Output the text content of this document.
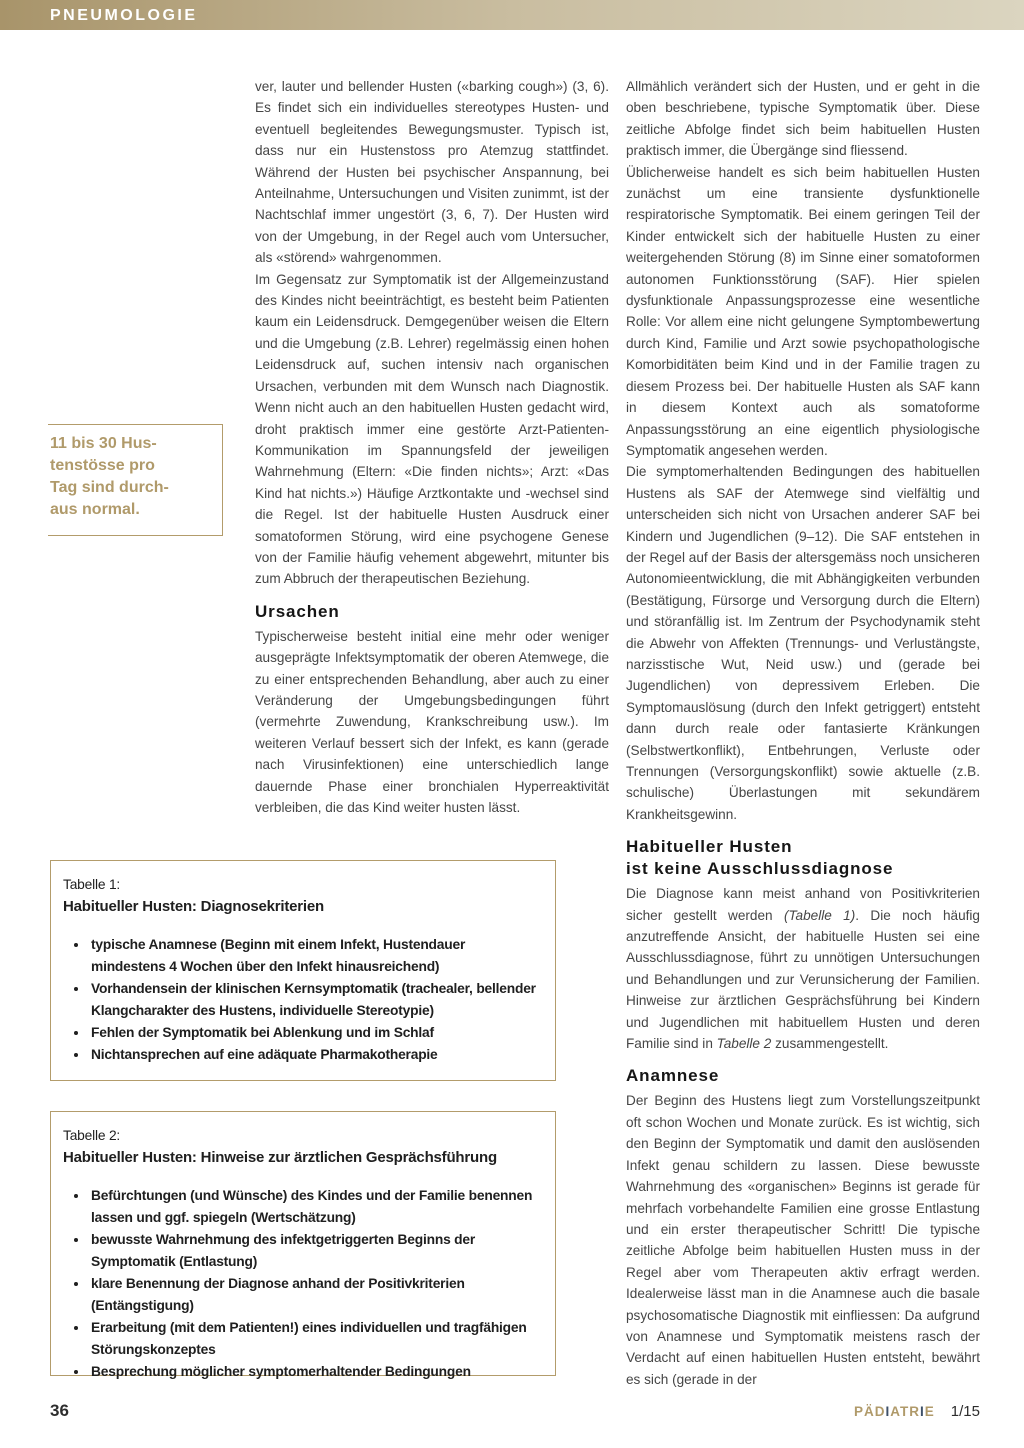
PNEUMOLOGIE
11 bis 30 Hus-
tenstösse pro
Tag sind durch-
aus normal.

ver, lauter und bellender Husten («barking cough») (3, 6). Es findet sich ein individuelles stereotypes Husten- und eventuell begleitendes Bewegungsmuster. Typisch ist, dass nur ein Hustenstoss pro Atemzug stattfindet. Während der Husten bei psychischer Anspannung, bei Anteilnahme, Untersuchungen und Visiten zunimmt, ist der Nachtschlaf immer ungestört (3, 6, 7). Der Husten wird von der Umgebung, in der Regel auch vom Untersucher, als «störend» wahrgenommen.

Im Gegensatz zur Symptomatik ist der Allgemeinzustand des Kindes nicht beeinträchtigt, es besteht beim Patienten kaum ein Leidensdruck. Demgegenüber weisen die Eltern und die Umgebung (z.B. Lehrer) regelmässig einen hohen Leidensdruck auf, suchen intensiv nach organischen Ursachen, verbunden mit dem Wunsch nach Diagnostik. Wenn nicht auch an den habituellen Husten gedacht wird, droht praktisch immer eine gestörte Arzt-Patienten-Kommunikation im Spannungsfeld der jeweiligen Wahrnehmung (Eltern: «Die finden nichts»; Arzt: «Das Kind hat nichts.») Häufige Arztkontakte und -wechsel sind die Regel. Ist der habituelle Husten Ausdruck einer somatoformen Störung, wird eine psychogene Genese von der Familie häufig vehement abgewehrt, mitunter bis zum Abbruch der therapeutischen Beziehung.

Ursachen

Typischerweise besteht initial eine mehr oder weniger ausgeprägte Infektsymptomatik der oberen Atemwege, die zu einer entsprechenden Behandlung, aber auch zu einer Veränderung der Umgebungsbedingungen führt (vermehrte Zuwendung, Krankschreibung usw.). Im weiteren Verlauf bessert sich der Infekt, es kann (gerade nach Virusinfektionen) eine unterschiedlich lange dauernde Phase einer bronchialen Hyperreaktivität verbleiben, die das Kind weiter husten lässt.

Allmählich verändert sich der Husten, und er geht in die oben beschriebene, typische Symptomatik über. Diese zeitliche Abfolge findet sich beim habituellen Husten praktisch immer, die Übergänge sind fliessend.

Üblicherweise handelt es sich beim habituellen Husten zunächst um eine transiente dysfunktionelle respiratorische Symptomatik. Bei einem geringen Teil der Kinder entwickelt sich der habituelle Husten zu einer weitergehenden Störung (8) im Sinne einer somatoformen autonomen Funktionsstörung (SAF). Hier spielen dysfunktionale Anpassungsprozesse eine wesentliche Rolle: Vor allem eine nicht gelungene Symptombewertung durch Kind, Familie und Arzt sowie psychopathologische Komorbiditäten beim Kind und in der Familie tragen zu diesem Prozess bei. Der habituelle Husten als SAF kann in diesem Kontext auch als somatoforme Anpassungsstörung an eine eigentlich physiologische Symptomatik angesehen werden.

Die symptomerhaltenden Bedingungen des habituellen Hustens als SAF der Atemwege sind vielfältig und unterscheiden sich nicht von Ursachen anderer SAF bei Kindern und Jugendlichen (9–12). Die SAF entstehen in der Regel auf der Basis der altersgemäss noch unsicheren Autonomieentwicklung, die mit Abhängigkeiten verbunden (Bestätigung, Fürsorge und Versorgung durch die Eltern) und störanfällig ist. Im Zentrum der Psychodynamik steht die Abwehr von Affekten (Trennungs- und Verlustängste, narzisstische Wut, Neid usw.) und (gerade bei Jugendlichen) von depressivem Erleben. Die Symptomauslösung (durch den Infekt getriggert) entsteht dann durch reale oder fantasierte Kränkungen (Selbstwertkonflikt), Entbehrungen, Verluste oder Trennungen (Versorgungskonflikt) sowie aktuelle (z.B. schulische) Überlastungen mit sekundärem Krankheitsgewinn.

Habitueller Husten
ist keine Ausschlussdiagnose

Die Diagnose kann meist anhand von Positivkriterien sicher gestellt werden (Tabelle 1). Die noch häufig anzutreffende Ansicht, der habituelle Husten sei eine Ausschlussdiagnose, führt zu unnötigen Untersuchungen und Behandlungen und zur Verunsicherung der Familien. Hinweise zur ärztlichen Gesprächsführung bei Kindern und Jugendlichen mit habituellem Husten und deren Familie sind in Tabelle 2 zusammengestellt.

Anamnese

Der Beginn des Hustens liegt zum Vorstellungszeitpunkt oft schon Wochen und Monate zurück. Es ist wichtig, sich den Beginn der Symptomatik und damit den auslösenden Infekt genau schildern zu lassen. Diese bewusste Wahrnehmung des «organischen» Beginns ist gerade für mehrfach vorbehandelte Familien eine grosse Entlastung und ein erster therapeutischer Schritt! Die typische zeitliche Abfolge beim habituellen Husten muss in der Regel aber vom Therapeuten aktiv erfragt werden. Idealerweise lässt man in die Anamnese auch die basale psychosomatische Diagnostik mit einfliessen: Da aufgrund von Anamnese und Symptomatik meistens rasch der Verdacht auf einen habituellen Husten entsteht, bewährt es sich (gerade in der

Tabelle 1:
Habitueller Husten: Diagnosekriterien
• typische Anamnese (Beginn mit einem Infekt, Hustendauer mindestens 4 Wochen über den Infekt hinausreichend)
• Vorhandensein der klinischen Kernsymptomatik (trachealer, bellender Klangcharakter des Hustens, individuelle Stereotypie)
• Fehlen der Symptomatik bei Ablenkung und im Schlaf
• Nichtansprechen auf eine adäquate Pharmakotherapie
Tabelle 2:
Habitueller Husten: Hinweise zur ärztlichen Gesprächsführung
• Befürchtungen (und Wünsche) des Kindes und der Familie benennen lassen und ggf. spiegeln (Wertschätzung)
• bewusste Wahrnehmung des infektgetriggerten Beginns der Symptomatik (Entlastung)
• klare Benennung der Diagnose anhand der Positivkriterien (Entängstigung)
• Erarbeitung (mit dem Patienten!) eines individuellen und tragfähigen Störungskonzeptes
• Besprechung möglicher symptomerhaltender Bedingungen
36	PÄDIATRIE 1/15
